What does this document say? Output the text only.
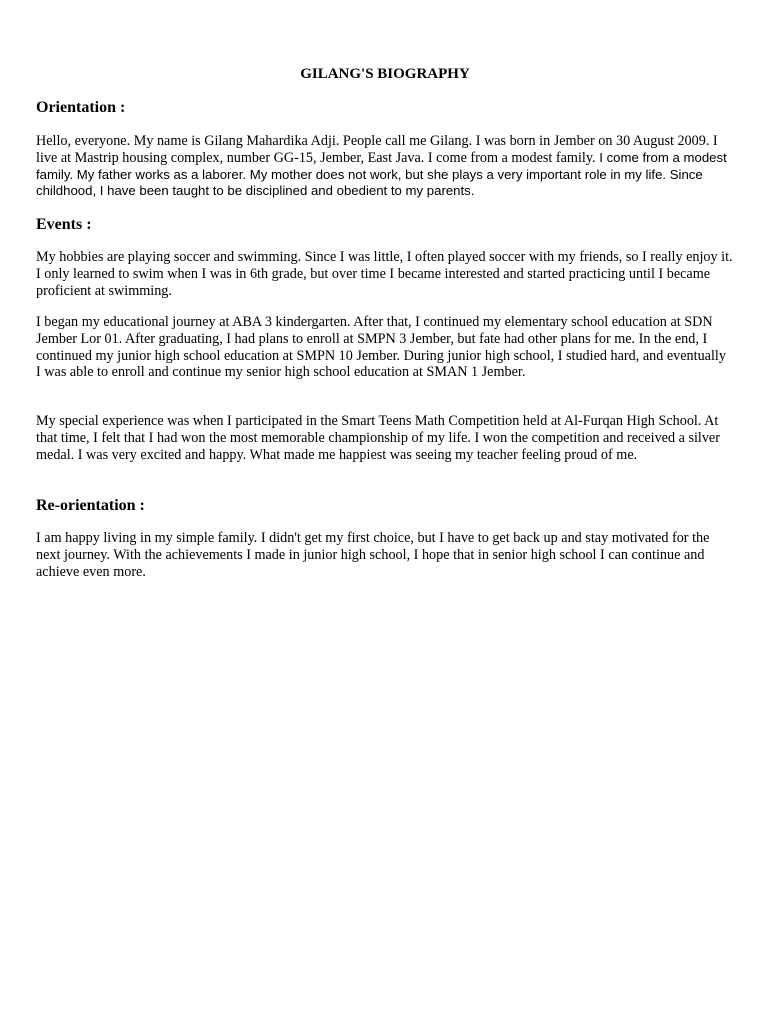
GILANG'S BIOGRAPHY
Orientation :

Hello, everyone. My name is Gilang Mahardika Adji. People call me Gilang. I was born in Jember on 30 August 2009. I live at Mastrip housing complex, number GG-15, Jember, East Java. I come from a modest family. I come from a modest family. My father works as a laborer. My mother does not work, but she plays a very important role in my life. Since childhood, I have been taught to be disciplined and obedient to my parents.

Events :

My hobbies are playing soccer and swimming. Since I was little, I often played soccer with my friends, so I really enjoy it. I only learned to swim when I was in 6th grade, but over time I became interested and started practicing until I became proficient at swimming.

I began my educational journey at ABA 3 kindergarten. After that, I continued my elementary school education at SDN Jember Lor 01. After graduating, I had plans to enroll at SMPN 3 Jember, but fate had other plans for me. In the end, I continued my junior high school education at SMPN 10 Jember. During junior high school, I studied hard, and eventually I was able to enroll and continue my senior high school education at SMAN 1 Jember.

My special experience was when I participated in the Smart Teens Math Competition held at Al-Furqan High School. At that time, I felt that I had won the most memorable championship of my life. I won the competition and received a silver medal. I was very excited and happy. What made me happiest was seeing my teacher feeling proud of me.

Re-orientation :

I am happy living in my simple family. I didn't get my first choice, but I have to get back up and stay motivated for the next journey. With the achievements I made in junior high school, I hope that in senior high school I can continue and achieve even more.
